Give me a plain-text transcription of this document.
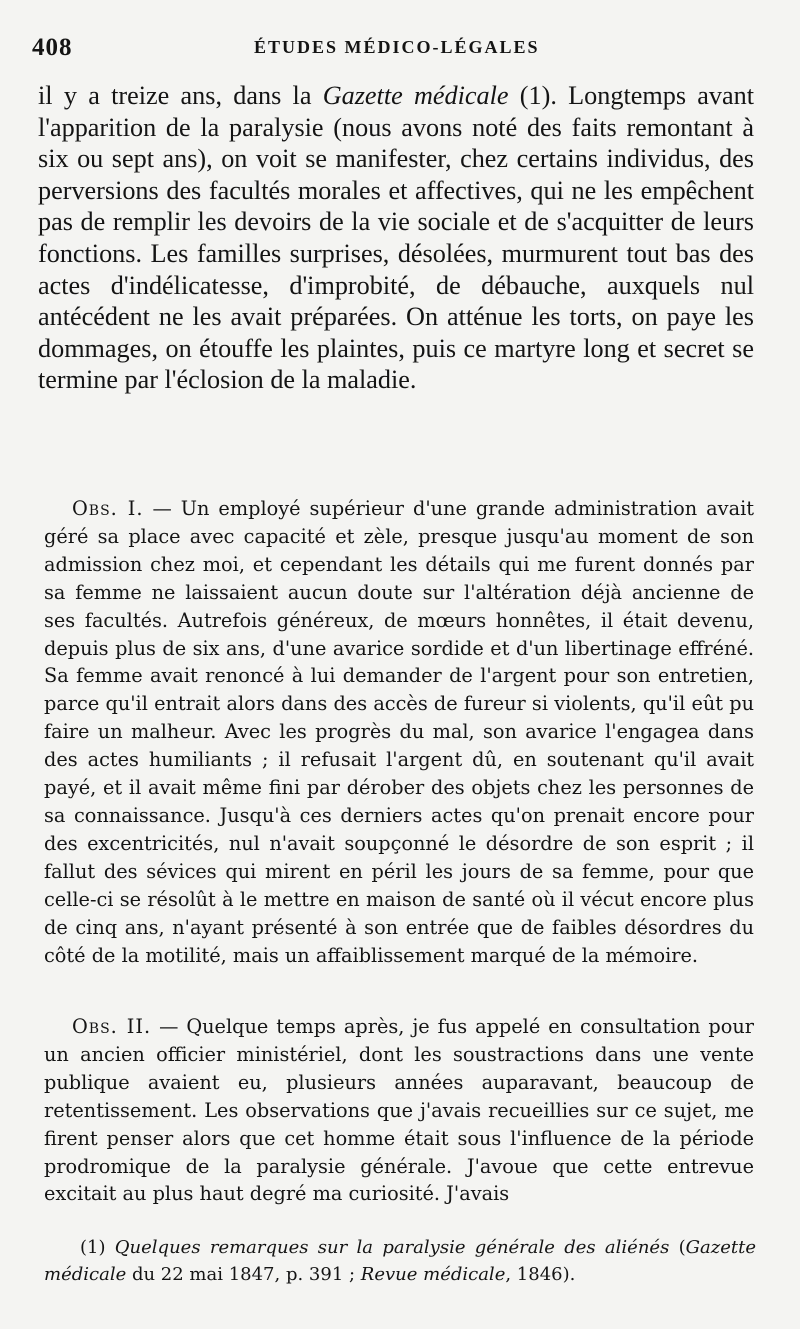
408	ÉTUDES MÉDICO-LÉGALES

il y a treize ans, dans la Gazette médicale (1). Longtemps avant l'apparition de la paralysie (nous avons noté des faits remontant à six ou sept ans), on voit se manifester, chez certains individus, des perversions des facultés morales et affectives, qui ne les empêchent pas de remplir les devoirs de la vie sociale et de s'acquitter de leurs fonctions. Les familles surprises, désolées, murmurent tout bas des actes d'indélicatesse, d'improbité, de débauche, auxquels nul antécédent ne les avait préparées. On atténue les torts, on paye les dommages, on étouffe les plaintes, puis ce martyre long et secret se termine par l'éclosion de la maladie.

Obs. I. — Un employé supérieur d'une grande administration avait géré sa place avec capacité et zèle, presque jusqu'au moment de son admission chez moi, et cependant les détails qui me furent donnés par sa femme ne laissaient aucun doute sur l'altération déjà ancienne de ses facultés. Autrefois généreux, de mœurs honnêtes, il était devenu, depuis plus de six ans, d'une avarice sordide et d'un libertinage effréné. Sa femme avait renoncé à lui demander de l'argent pour son entretien, parce qu'il entrait alors dans des accès de fureur si violents, qu'il eût pu faire un malheur. Avec les progrès du mal, son avarice l'engagea dans des actes humiliants ; il refusait l'argent dû, en soutenant qu'il avait payé, et il avait même fini par dérober des objets chez les personnes de sa connaissance. Jusqu'à ces derniers actes qu'on prenait encore pour des excentricités, nul n'avait soupçonné le désordre de son esprit ; il fallut des sévices qui mirent en péril les jours de sa femme, pour que celle-ci se résolût à le mettre en maison de santé où il vécut encore plus de cinq ans, n'ayant présenté à son entrée que de faibles désordres du côté de la motilité, mais un affaiblissement marqué de la mémoire.

Obs. II. — Quelque temps après, je fus appelé en consultation pour un ancien officier ministériel, dont les soustractions dans une vente publique avaient eu, plusieurs années auparavant, beaucoup de retentissement. Les observations que j'avais recueillies sur ce sujet, me firent penser alors que cet homme était sous l'influence de la période prodromique de la paralysie générale. J'avoue que cette entrevue excitait au plus haut degré ma curiosité. J'avais

(1) Quelques remarques sur la paralysie générale des aliénés (Gazette médicale du 22 mai 1847, p. 391 ; Revue médicale, 1846).
